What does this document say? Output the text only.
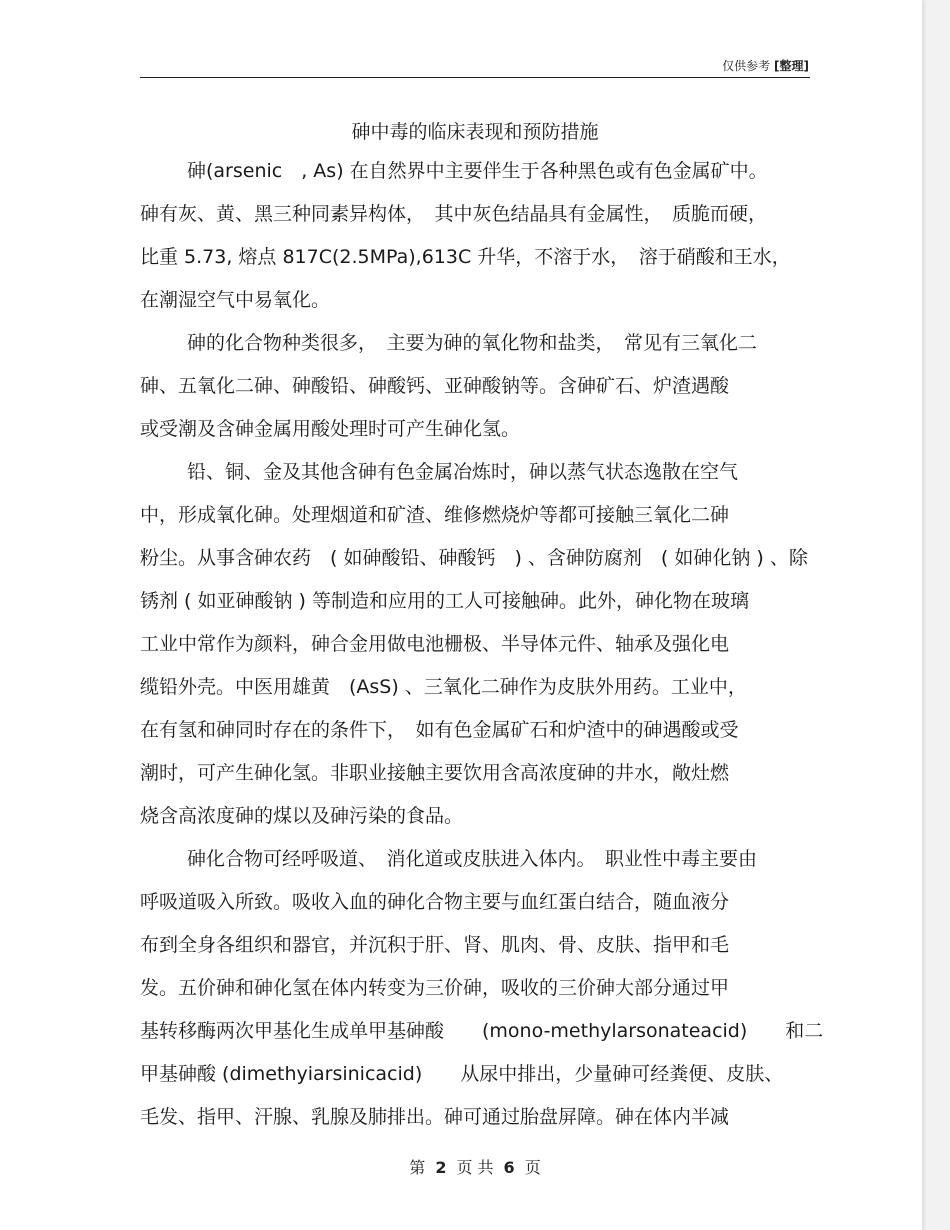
仅供参考 [整理]
砷中毒的临床表现和预防措施
砷(arsenic　, As) 在自然界中主要伴生于各种黑色或有色金属矿中。
砷有灰、黄、黑三种同素异构体，　其中灰色结晶具有金属性，　质脆而硬，
比重 5.73, 熔点 817C(2.5MPa),613C 升华，不溶于水，　溶于硝酸和王水，
在潮湿空气中易氧化。
砷的化合物种类很多，　主要为砷的氧化物和盐类，　常见有三氧化二
砷、五氧化二砷、砷酸铅、砷酸钙、亚砷酸钠等。含砷矿石、炉渣遇酸
或受潮及含砷金属用酸处理时可产生砷化氢。
铅、铜、金及其他含砷有色金属冶炼时，砷以蒸气状态逸散在空气
中，形成氧化砷。处理烟道和矿渣、维修燃烧炉等都可接触三氧化二砷
粉尘。从事含砷农药　( 如砷酸铅、砷酸钙　) 、含砷防腐剂　( 如砷化钠 ) 、除
锈剂 ( 如亚砷酸钠 ) 等制造和应用的工人可接触砷。此外，砷化物在玻璃
工业中常作为颜料，砷合金用做电池栅极、半导体元件、轴承及强化电
缆铅外壳。中医用雄黄　(AsS) 、三氧化二砷作为皮肤外用药。工业中，
在有氢和砷同时存在的条件下，　如有色金属矿石和炉渣中的砷遇酸或受
潮时，可产生砷化氢。非职业接触主要饮用含高浓度砷的井水，敞灶燃
烧含高浓度砷的煤以及砷污染的食品。
砷化合物可经呼吸道、　消化道或皮肤进入体内。　职业性中毒主要由
呼吸道吸入所致。吸收入血的砷化合物主要与血红蛋白结合，随血液分
布到全身各组织和器官，并沉积于肝、肾、肌肉、骨、皮肤、指甲和毛
发。五价砷和砷化氢在体内转变为三价砷，吸收的三价砷大部分通过甲
基转移酶两次甲基化生成单甲基砷酸　　(mono-methylarsonateacid)　　和二
甲基砷酸 (dimethyiarsinicacid)　　从尿中排出，少量砷可经粪便、皮肤、
毛发、指甲、汗腺、乳腺及肺排出。砷可通过胎盘屏障。砷在体内半减
第 2 页 共 6 页
